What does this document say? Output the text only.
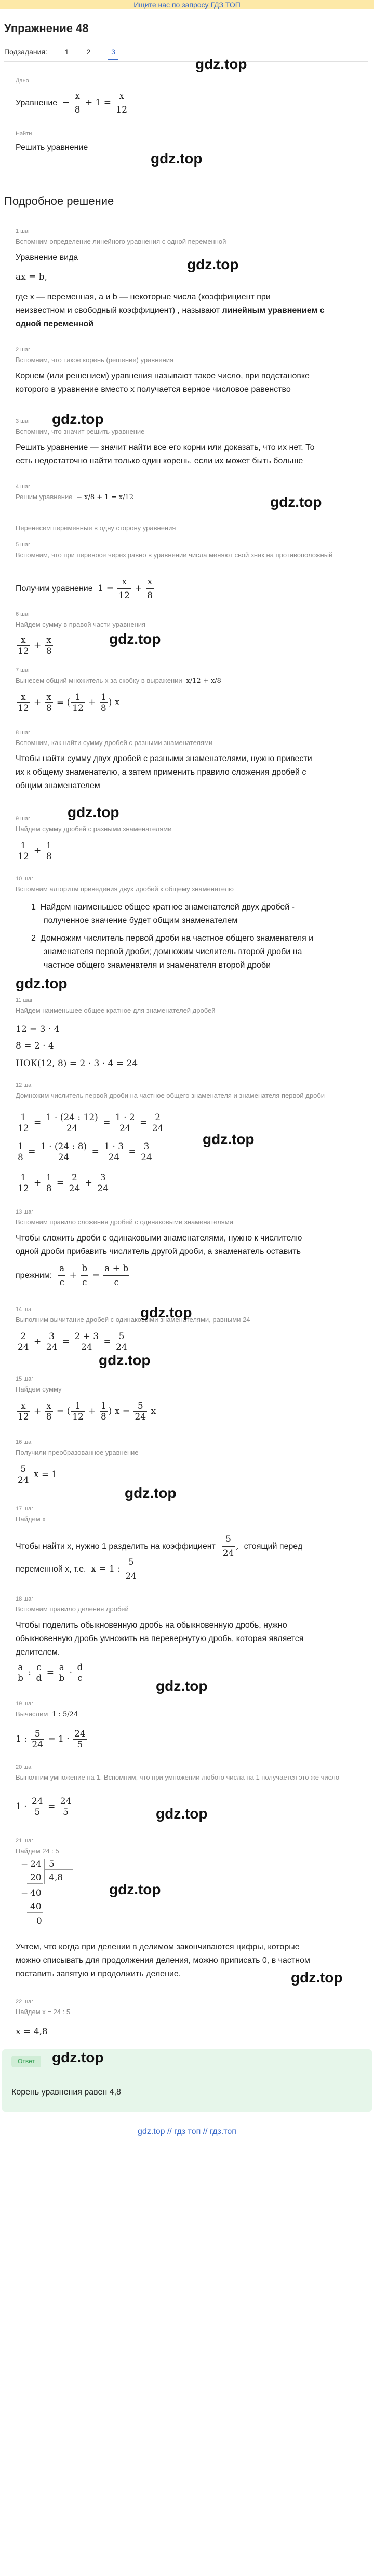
Ищите нас по запросу ГДЗ ТОП
Упражнение 48
Подзадания: 1 2	3
Дано
Уравнение  − $\frac{x}{8} + 1 = \frac{x}{12}$
gdz.top
Найти
Решить уравнение
gdz.top
Подробное решение
1 шаг
Вспомним определение линейного уравнения с одной переменной
Уравнение вида	gdz.top
ax = b,
где x — переменная, a и b — некоторые числа (коэффициент при
неизвестном и свободный коэффициент) , называют линейным уравнением с
одной переменной
2 шаг
Вспомним, что такое корень (решение) уравнения
Корнем (или решением) уравнения называют такое число, при подстановке
которого в уравнение вместо x получается верное числовое равенство
gdz.top
3 шаг
Вспомним, что значит решить уравнение
Решить уравнение — значит найти все его корни или доказать, что их нет. То
есть недостаточно найти только один корень, если их может быть больше
4 шаг
Решим уравнение  − x/8 + 1 = x/12	gdz.top
Перенесем переменные в одну сторону уравнения
5 шаг
Вспомним, что при переносе через равно в уравнении числа меняют свой знак на противоположный
Получим уравнение  $1 = \frac{x}{12} + \frac{x}{8}$
6 шаг
Найдем сумму в правой части уравнения
$\frac{x}{12} + \frac{x}{8}$	gdz.top
7 шаг
Вынесем общий множитель x за скобку в выражении  x/12 + x/8
$\frac{x}{12} + \frac{x}{8}$ = ( $\frac{1}{12} + \frac{1}{8}$ ) x
8 шаг
Вспомним, как найти сумму дробей с разными знаменателями
Чтобы найти сумму двух дробей с разными знаменателями, нужно привести
их к общему знаменателю, а затем применить правило сложения дробей с
общим знаменателем
gdz.top
9 шаг
Найдем сумму дробей с разными знаменателями
$\frac{1}{12} + \frac{1}{8}$
10 шаг
Вспомним алгоритм приведения двух дробей к общему знаменателю
1  Найдем наименьшее общее кратное знаменателей двух дробей -
полученное значение будет общим знаменателем
2  Домножим числитель первой дроби на частное общего знаменателя и
знаменателя первой дроби; домножим числитель второй дроби на
частное общего знаменателя и знаменателя второй дроби
gdz.top
11 шаг
Найдем наименьшее общее кратное для знаменателей дробей
12 = 3 · 4
8 = 2 · 4
НОК(12, 8) = 2 · 3 · 4 = 24
12 шаг
Домножим числитель первой дроби на частное общего знаменателя и знаменателя первой дроби
$\frac{1}{12} = \frac{1 \cdot (24 : 12)}{24} = \frac{1 \cdot 2}{24} = \frac{2}{24}$
$\frac{1}{8} = \frac{1 \cdot (24 : 8)}{24} = \frac{1 \cdot 3}{24} = \frac{3}{24}$
gdz.top
$\frac{1}{12} + \frac{1}{8} = \frac{2}{24} + \frac{3}{24}$
13 шаг
Вспомним правило сложения дробей с одинаковыми знаменателями
Чтобы сложить дроби с одинаковыми знаменателями, нужно к числителю
одной дроби прибавить числитель другой дроби, а знаменатель оставить
прежним: $\frac{a}{c} + \frac{b}{c} = \frac{a + b}{c}$
14 шаг
Выполним вычитание дробей с одинаковыми знаменателями, равными 24
gdz.top
$\frac{2}{24} + \frac{3}{24} = \frac{2 + 3}{24} = \frac{5}{24}$
gdz.top
15 шаг
Найдем сумму
$\frac{x}{12} + \frac{x}{8}$ = ( $\frac{1}{12} + \frac{1}{8}$ ) $x = \frac{5}{24}$ x
16 шаг
Получили преобразованное уравнение
$\frac{5}{24}$ x = 1
gdz.top
17 шаг
Найдем x
Чтобы найти x, нужно 1 разделить на коэффициент $\frac{5}{24}$ ,  стоящий перед
переменной x, т.е.  x = 1 : $\frac{5}{24}$
18 шаг
Вспомним правило деления дробей
Чтобы поделить обыкновенную дробь на обыкновенную дробь, нужно
обыкновенную дробь умножить на перевернутую дробь, которая является
делителем.
$\frac{a}{b}$ : $\frac{c}{d} = \frac{a}{b} \cdot \frac{d}{c}$
gdz.top
19 шаг
Вычислим  1 : 5/24
1 : $\frac{5}{24} = 1 \cdot \frac{24}{5}$
20 шаг
Выполним умножение на 1. Вспомним, что при умножении любого числа на 1 получается это же число
$1 \cdot \frac{24}{5} = \frac{24}{5}$	gdz.top
21 шаг
Найдем 24 : 5
− 24 5
4,8
20
− 40
40
0
gdz.top
Учтем, что когда при делении в делимом закончиваются цифры, которые
можно списывать для продолжения деления, можно приписать 0, в частном
поставить запятую и продолжить деление.	gdz.top
22 шаг
Найдем x = 24 : 5
x = 4,8
Ответ	gdz.top
Корень уравнения равен 4,8
gdz.top // гдз топ // гдз.топ
